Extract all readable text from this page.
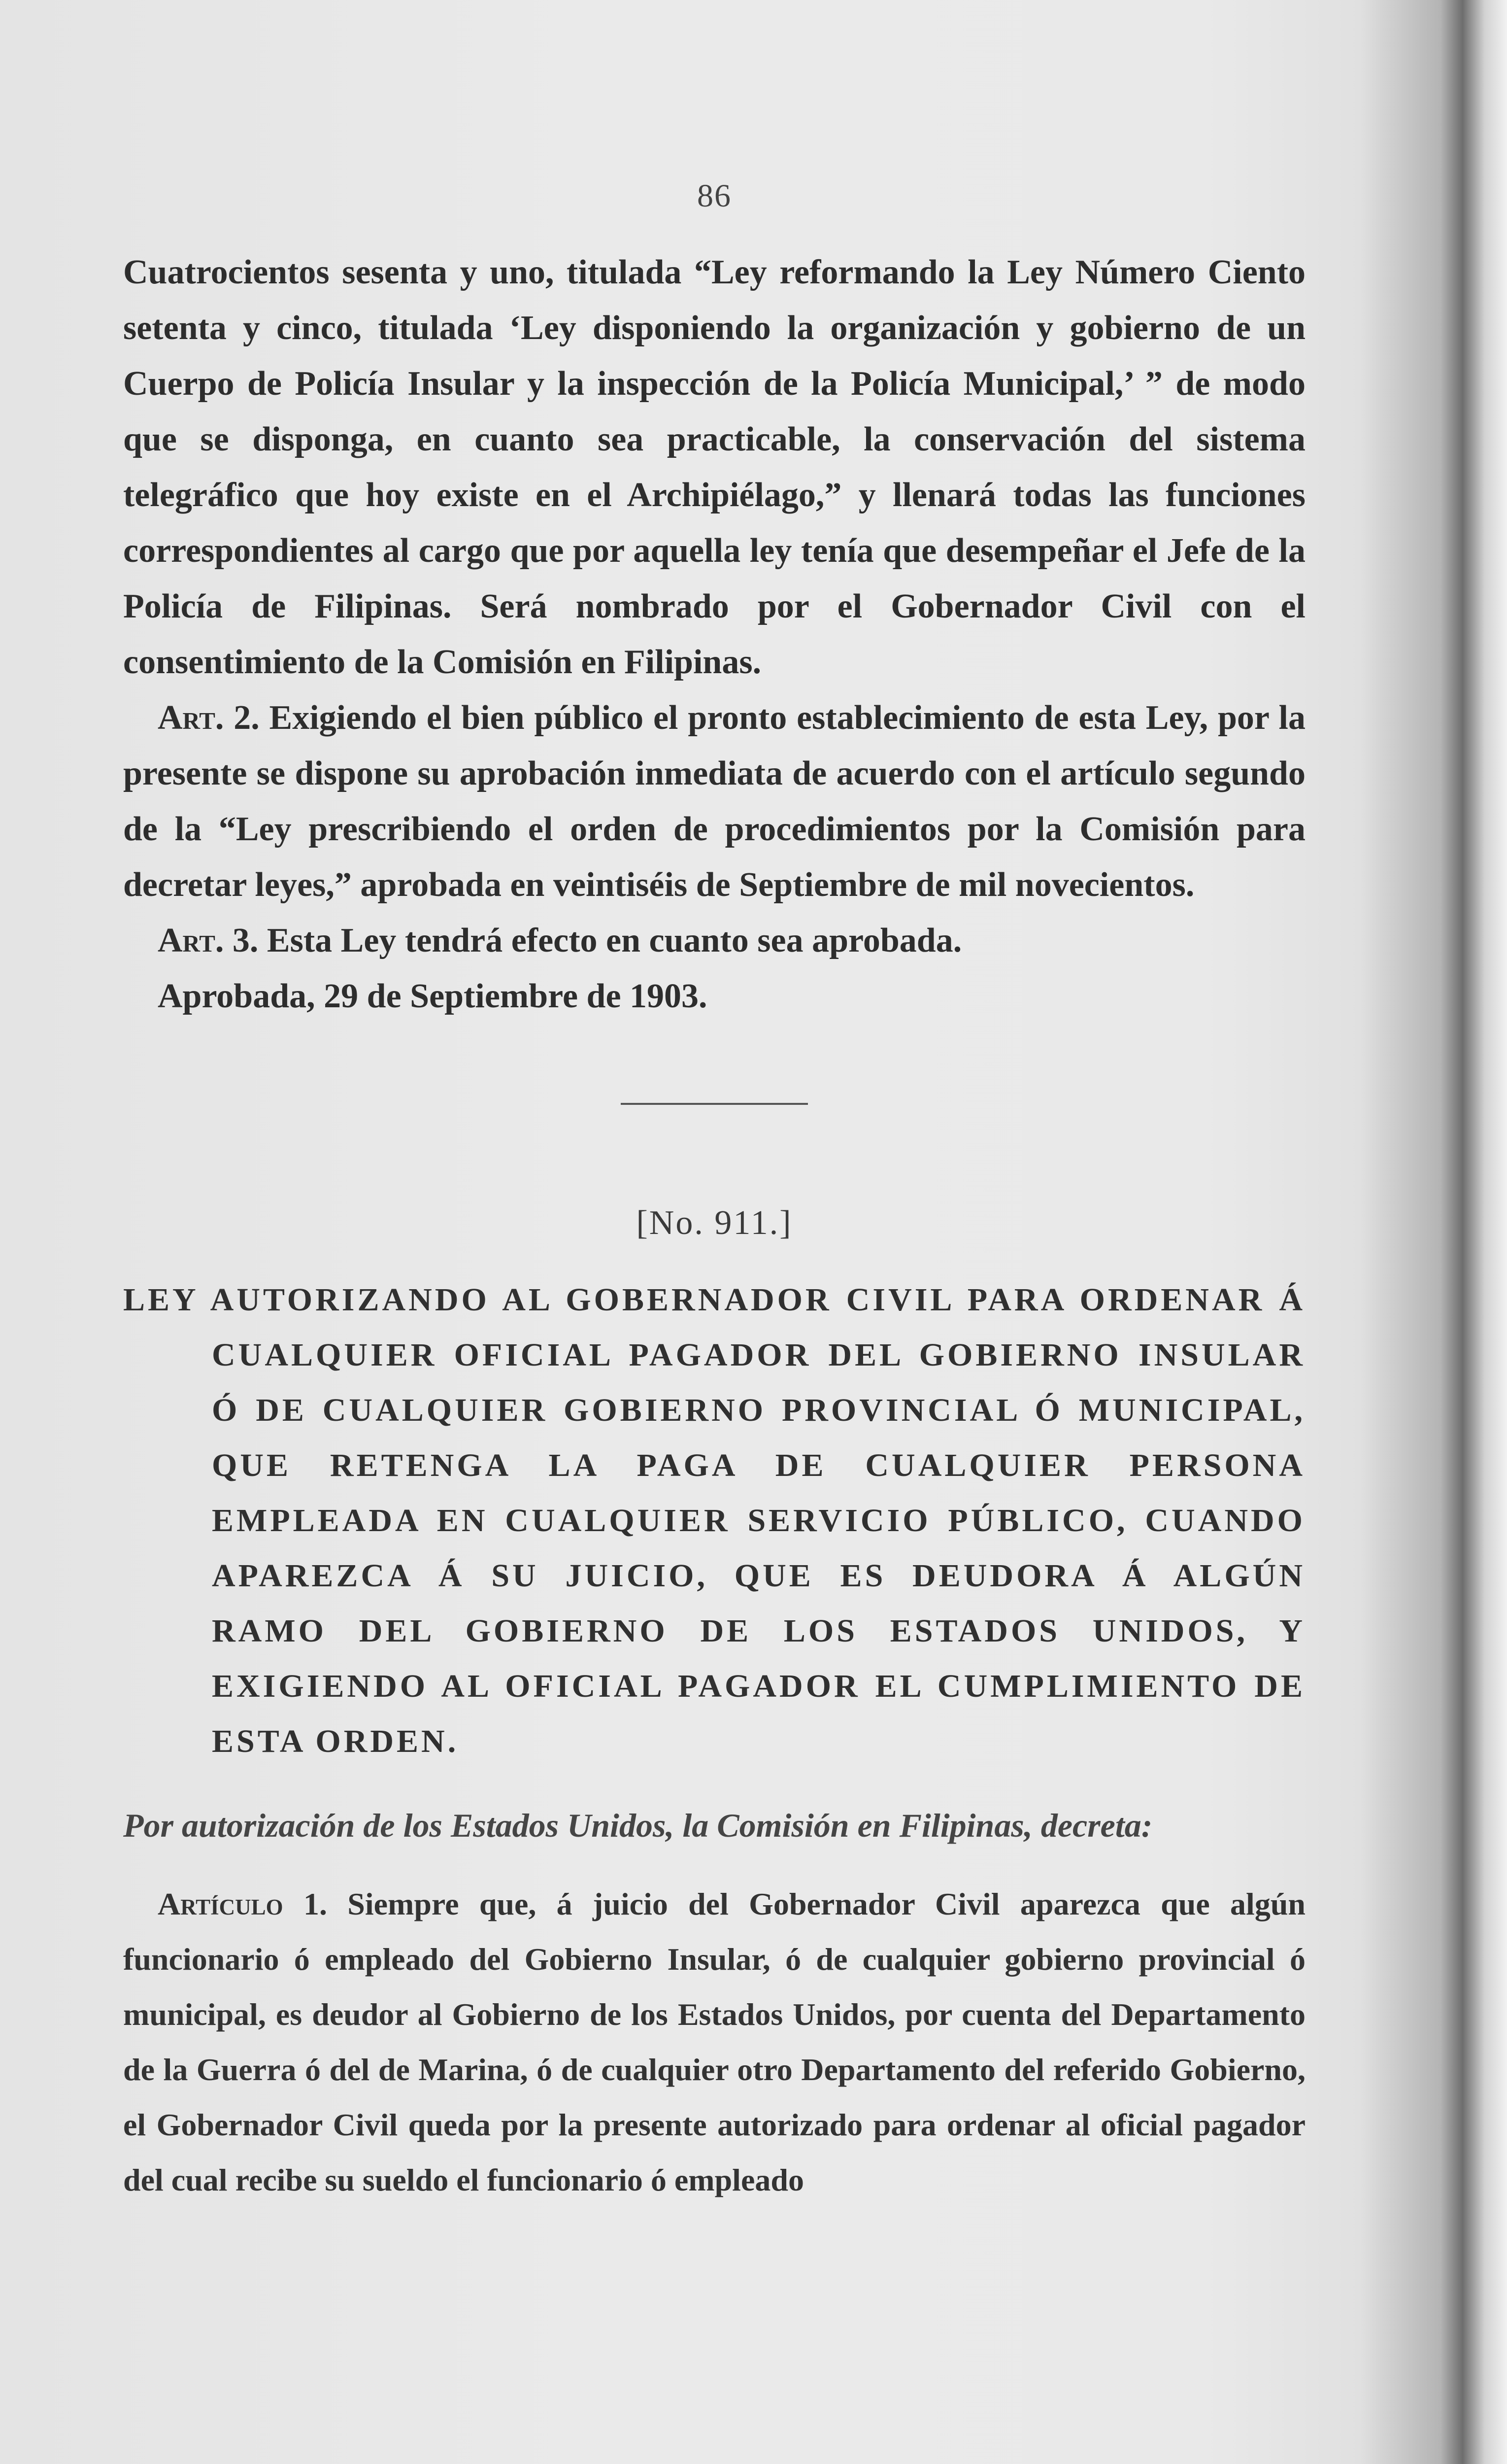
86

Cuatrocientos sesenta y uno, titulada “Ley reformando la Ley Número Ciento setenta y cinco, titulada ‘Ley disponiendo la organización y gobierno de un Cuerpo de Policía Insular y la inspección de la Policía Municipal,’ ” de modo que se disponga, en cuanto sea practicable, la conservación del sistema telegráfico que hoy existe en el Archipiélago,” y llenará todas las funciones correspondientes al cargo que por aquella ley tenía que desempeñar el Jefe de la Policía de Filipinas. Será nombrado por el Gobernador Civil con el consentimiento de la Comisión en Filipinas.

Art. 2. Exigiendo el bien público el pronto establecimiento de esta Ley, por la presente se dispone su aprobación inmediata de acuerdo con el artículo segundo de la “Ley prescribiendo el orden de procedimientos por la Comisión para decretar leyes,” aprobada en veintiséis de Septiembre de mil novecientos.

Art. 3. Esta Ley tendrá efecto en cuanto sea aprobada.

Aprobada, 29 de Septiembre de 1903.

[No. 911.]

LEY AUTORIZANDO AL GOBERNADOR CIVIL PARA ORDENAR Á CUALQUIER OFICIAL PAGADOR DEL GOBIERNO INSULAR Ó DE CUALQUIER GOBIERNO PROVINCIAL Ó MUNICIPAL, QUE RETENGA LA PAGA DE CUALQUIER PERSONA EMPLEADA EN CUALQUIER SERVICIO PÚBLICO, CUANDO APAREZCA Á SU JUICIO, QUE ES DEUDORA Á ALGÚN RAMO DEL GOBIERNO DE LOS ESTADOS UNIDOS, Y EXIGIENDO AL OFICIAL PAGADOR EL CUMPLIMIENTO DE ESTA ORDEN.

Por autorización de los Estados Unidos, la Comisión en Filipinas, decreta:

Artículo 1. Siempre que, á juicio del Gobernador Civil aparezca que algún funcionario ó empleado del Gobierno Insular, ó de cualquier gobierno provincial ó municipal, es deudor al Gobierno de los Estados Unidos, por cuenta del Departamento de la Guerra ó del de Marina, ó de cualquier otro Departamento del referido Gobierno, el Gobernador Civil queda por la presente autorizado para ordenar al oficial pagador del cual recibe su sueldo el funcionario ó empleado
